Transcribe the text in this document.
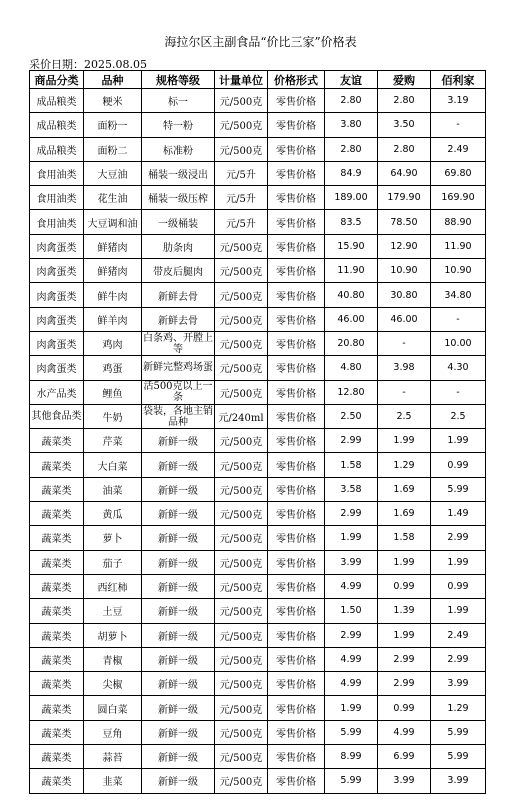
海拉尔区主副食品“价比三家”价格表
采价日期：2025.08.05
商品分类	品种	规格等级	计量单位	价格形式	友谊	爱购	佰利家
成品粮类	粳米	标一	元/500克	零售价格	2.80	2.80	3.19
成品粮类	面粉一	特一粉	元/500克	零售价格	3.80	3.50	-
成品粮类	面粉二	标准粉	元/500克	零售价格	2.80	2.80	2.49
食用油类	大豆油	桶装一级浸出	元/5升	零售价格	84.9	64.90	69.80
食用油类	花生油	桶装一级压榨	元/5升	零售价格	189.00	179.90	169.90
食用油类	大豆调和油	一级桶装	元/5升	零售价格	83.5	78.50	88.90
肉禽蛋类	鲜猪肉	肋条肉	元/500克	零售价格	15.90	12.90	11.90
肉禽蛋类	鲜猪肉	带皮后腿肉	元/500克	零售价格	11.90	10.90	10.90
肉禽蛋类	鲜牛肉	新鲜去骨	元/500克	零售价格	40.80	30.80	34.80
肉禽蛋类	鲜羊肉	新鲜去骨	元/500克	零售价格	46.00	46.00	-
肉禽蛋类	鸡肉	白条鸡、开膛上等	元/500克	零售价格	20.80	-	10.00
肉禽蛋类	鸡蛋	新鲜完整鸡场蛋	元/500克	零售价格	4.80	3.98	4.30
水产品类	鲤鱼	活500克以上一条	元/500克	零售价格	12.80	-	-
其他食品类	牛奶	袋装，各地主销品种	元/240ml	零售价格	2.50	2.5	2.5
蔬菜类	芹菜	新鲜一级	元/500克	零售价格	2.99	1.99	1.99
蔬菜类	大白菜	新鲜一级	元/500克	零售价格	1.58	1.29	0.99
蔬菜类	油菜	新鲜一级	元/500克	零售价格	3.58	1.69	5.99
蔬菜类	黄瓜	新鲜一级	元/500克	零售价格	2.99	1.69	1.49
蔬菜类	萝卜	新鲜一级	元/500克	零售价格	1.99	1.58	2.99
蔬菜类	茄子	新鲜一级	元/500克	零售价格	3.99	1.99	1.99
蔬菜类	西红柿	新鲜一级	元/500克	零售价格	4.99	0.99	0.99
蔬菜类	土豆	新鲜一级	元/500克	零售价格	1.50	1.39	1.99
蔬菜类	胡萝卜	新鲜一级	元/500克	零售价格	2.99	1.99	2.49
蔬菜类	青椒	新鲜一级	元/500克	零售价格	4.99	2.99	2.99
蔬菜类	尖椒	新鲜一级	元/500克	零售价格	4.99	2.99	3.99
蔬菜类	圆白菜	新鲜一级	元/500克	零售价格	1.99	0.99	1.29
蔬菜类	豆角	新鲜一级	元/500克	零售价格	5.99	4.99	5.99
蔬菜类	蒜苔	新鲜一级	元/500克	零售价格	8.99	6.99	5.99
蔬菜类	韭菜	新鲜一级	元/500克	零售价格	5.99	3.99	3.99
